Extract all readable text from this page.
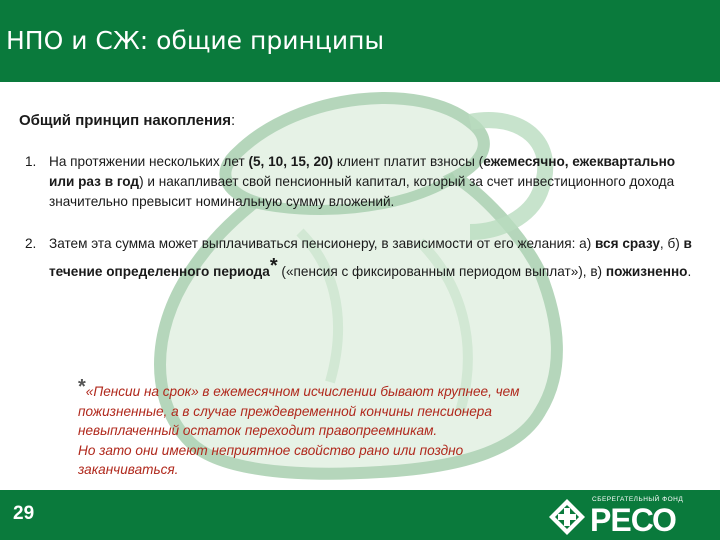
НПО и СЖ: общие принципы
Общий принцип накопления:
1. На протяжении нескольких лет (5, 10, 15, 20) клиент платит взносы (ежемесячно, ежеквартально или раз в год) и накапливает свой пенсионный капитал, который за счет инвестиционного дохода значительно превысит номинальную сумму вложений.
2. Затем эта сумма может выплачиваться пенсионеру, в зависимости от его желания: а) вся сразу, б) в течение определенного периода* («пенсия с фиксированным периодом выплат»), в) пожизненно.
*«Пенсии на срок» в ежемесячном исчислении бывают крупнее, чем
пожизненные, а в случае преждевременной кончины пенсионера
невыплаченный остаток переходит правопреемникам.
Но зато они имеют неприятное свойство рано или поздно
заканчиваться.
29
СБЕРЕГАТЕЛЬНЫЙ ФОНД
РЕСО
